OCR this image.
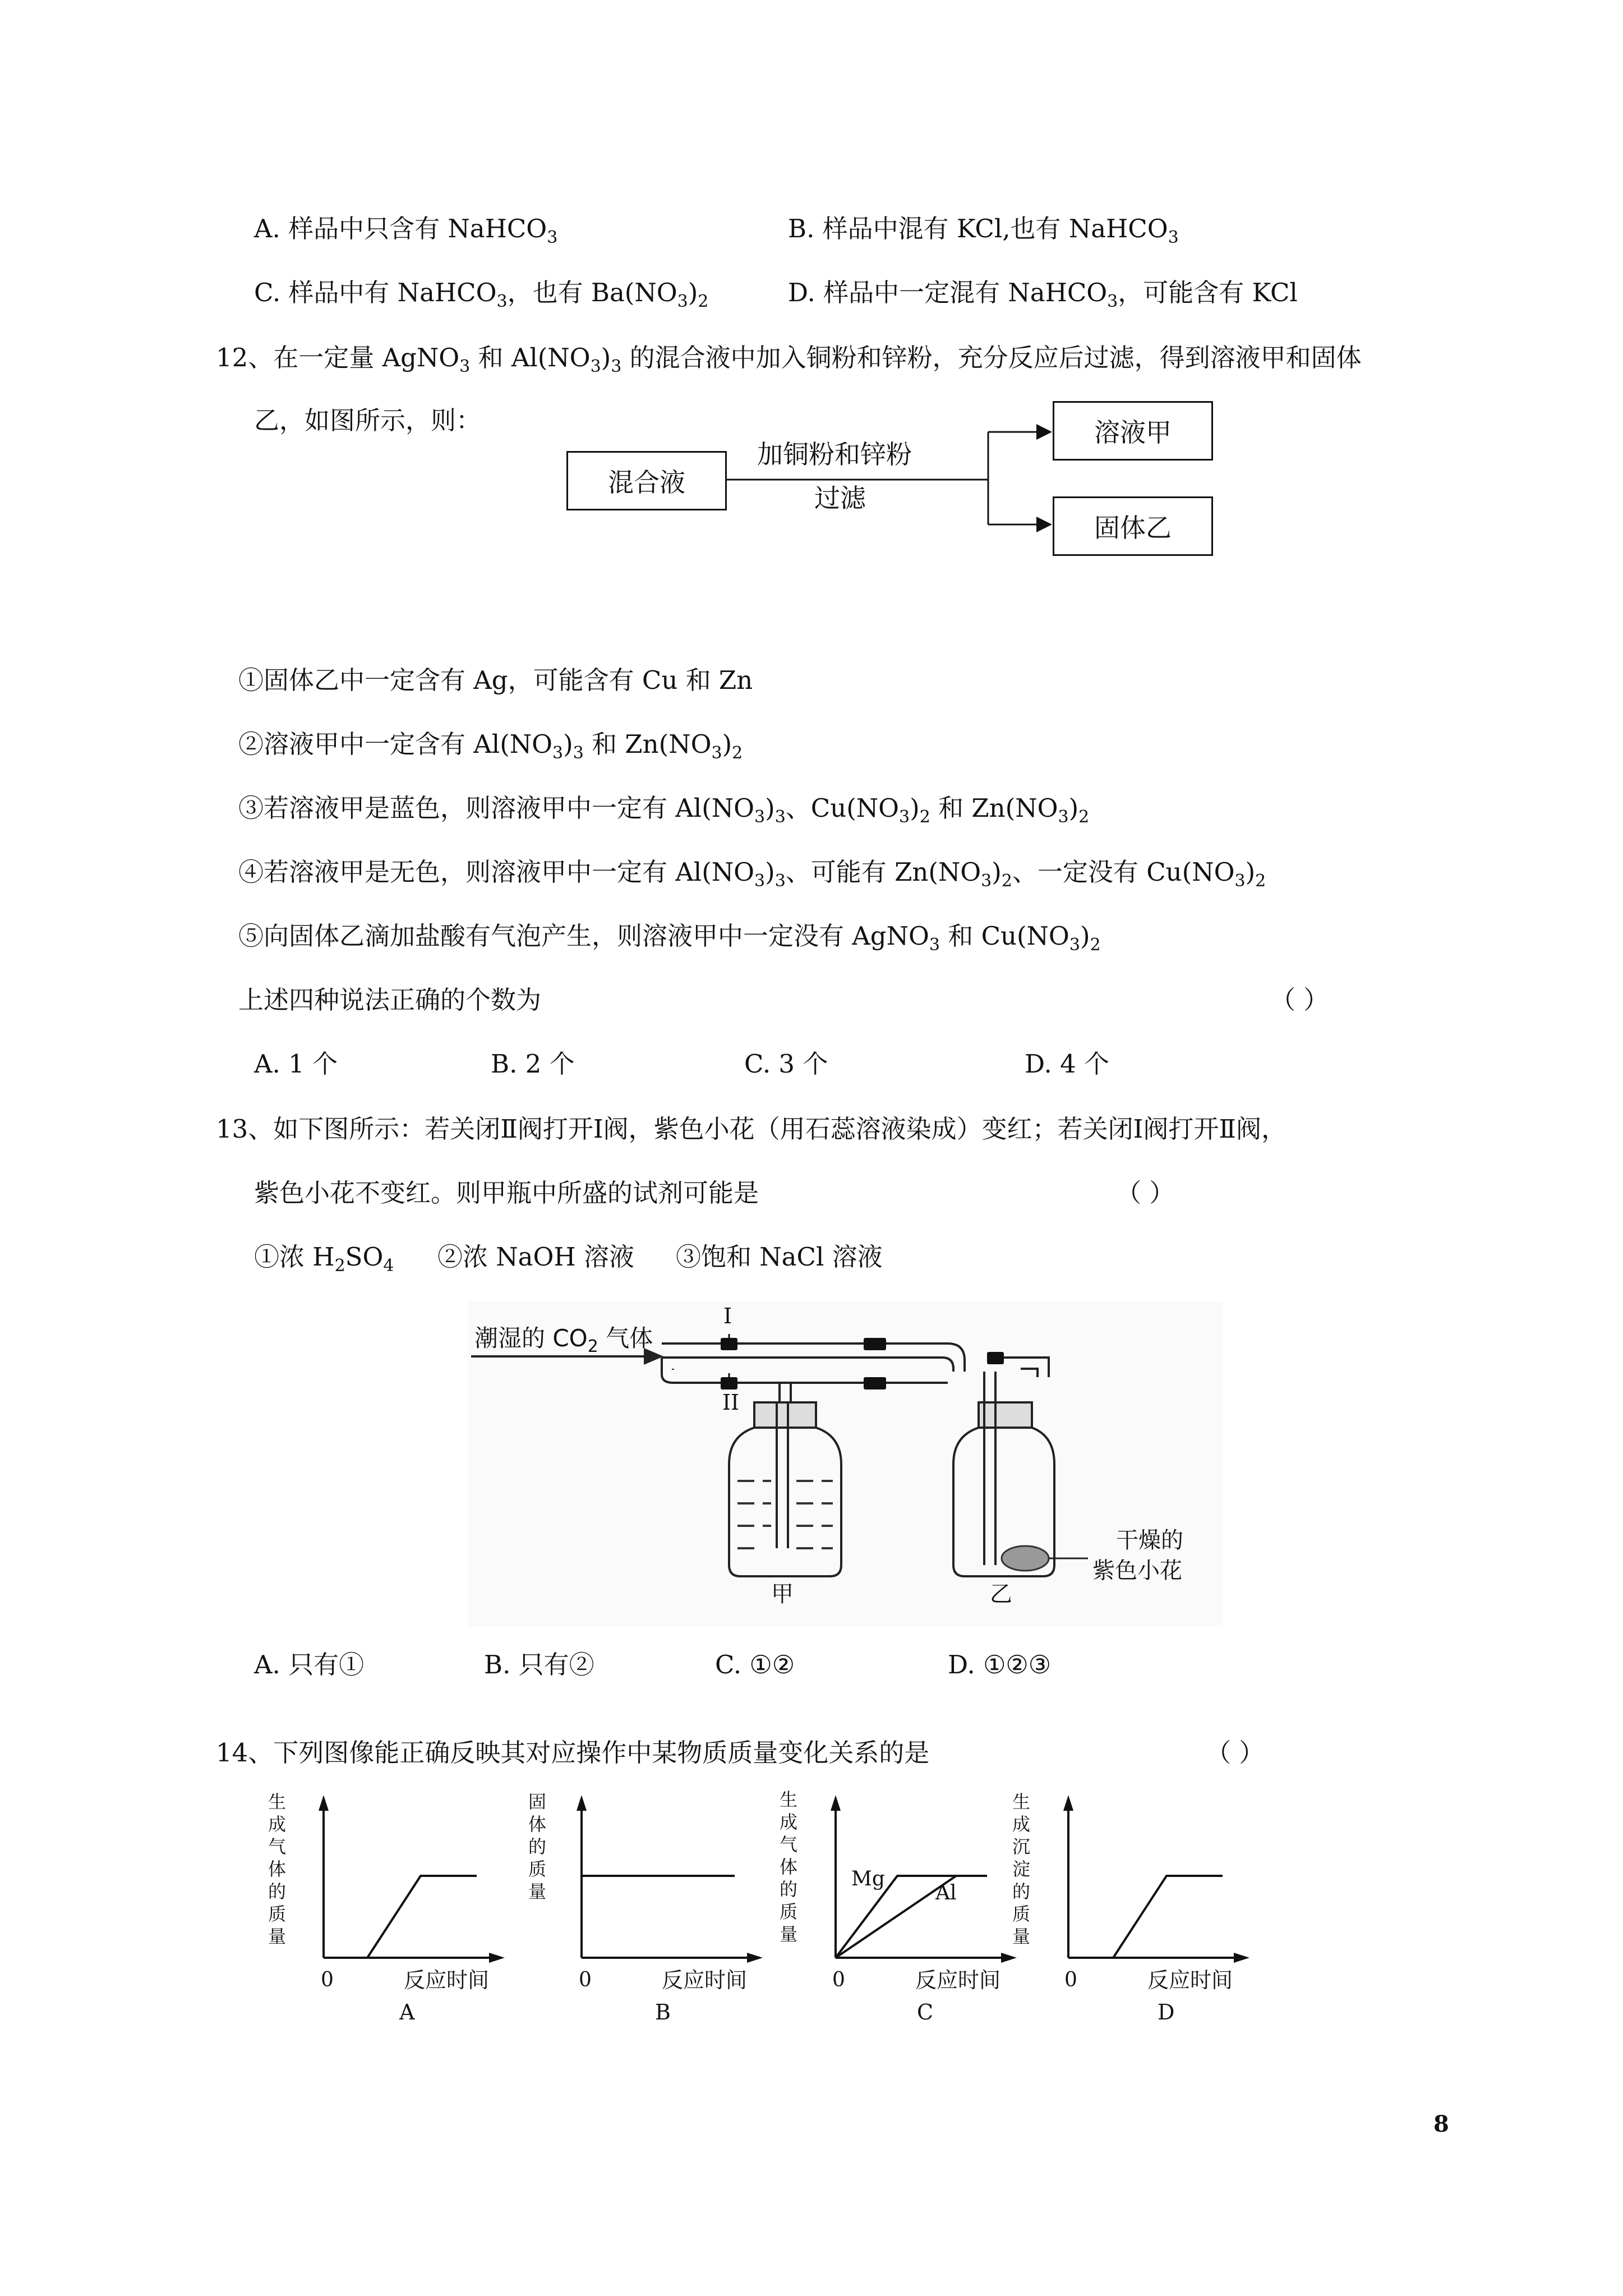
A. 样品中只含有 NaHCO$_3$	B. 样品中混有 KCl,也有 NaHCO$_3$
C. 样品中有 NaHCO$_3$，也有 $Ba(NO_3)_2$	D. 样品中一定混有 NaHCO$_3$，可能含有 KCl
12、在一定量 AgNO$_3$ 和 $Al(NO_3)_3$ 的混合液中加入铜粉和锌粉，充分反应后过滤，得到溶液甲和固体
乙，如图所示，则：
混合液
溶液甲
固体乙
加铜粉和锌粉
过滤
①固体乙中一定含有 Ag，可能含有 Cu 和 Zn
②溶液甲中一定含有 $Al(NO_3)_3$ 和 $Zn(NO_3)_2$
③若溶液甲是蓝色，则溶液甲中一定有 $Al(NO_3)_3$、$Cu(NO_3)_2$ 和 $Zn(NO_3)_2$
④若溶液甲是无色，则溶液甲中一定有 $Al(NO_3)_3$、可能有 $Zn(NO_3)_2$、一定没有 $Cu(NO_3)_2$
⑤向固体乙滴加盐酸有气泡产生，则溶液甲中一定没有 AgNO$_3$ 和 $Cu(NO_3)_2$
上述四种说法正确的个数为	（ ）
A. 1 个	B. 2 个	C. 3 个	D. 4 个
13、如下图所示：若关闭Ⅱ阀打开Ⅰ阀，紫色小花（用石蕊溶液染成）变红；若关闭Ⅰ阀打开Ⅱ阀，
紫色小花不变红。则甲瓶中所盛的试剂可能是	（ ）
①浓 $H_2SO_4$ ②浓 NaOH 溶液 ③饱和 NaCl 溶液
潮湿的 $CO_2$ 气体
I
II
甲	乙
干燥的
紫色小花
A. 只有①	B. 只有②	C. ①②	D. ①②③
14、下列图像能正确反映其对应操作中某物质质量变化关系的是	（ ）
生成
气体
的质
量
0	反应时间
A
固体
的质
量
0	反应时间
B
生成
气体
的质
量
0	反应时间
C
Mg
Al
生成
沉淀
的质
量
0	反应时间
D
8
